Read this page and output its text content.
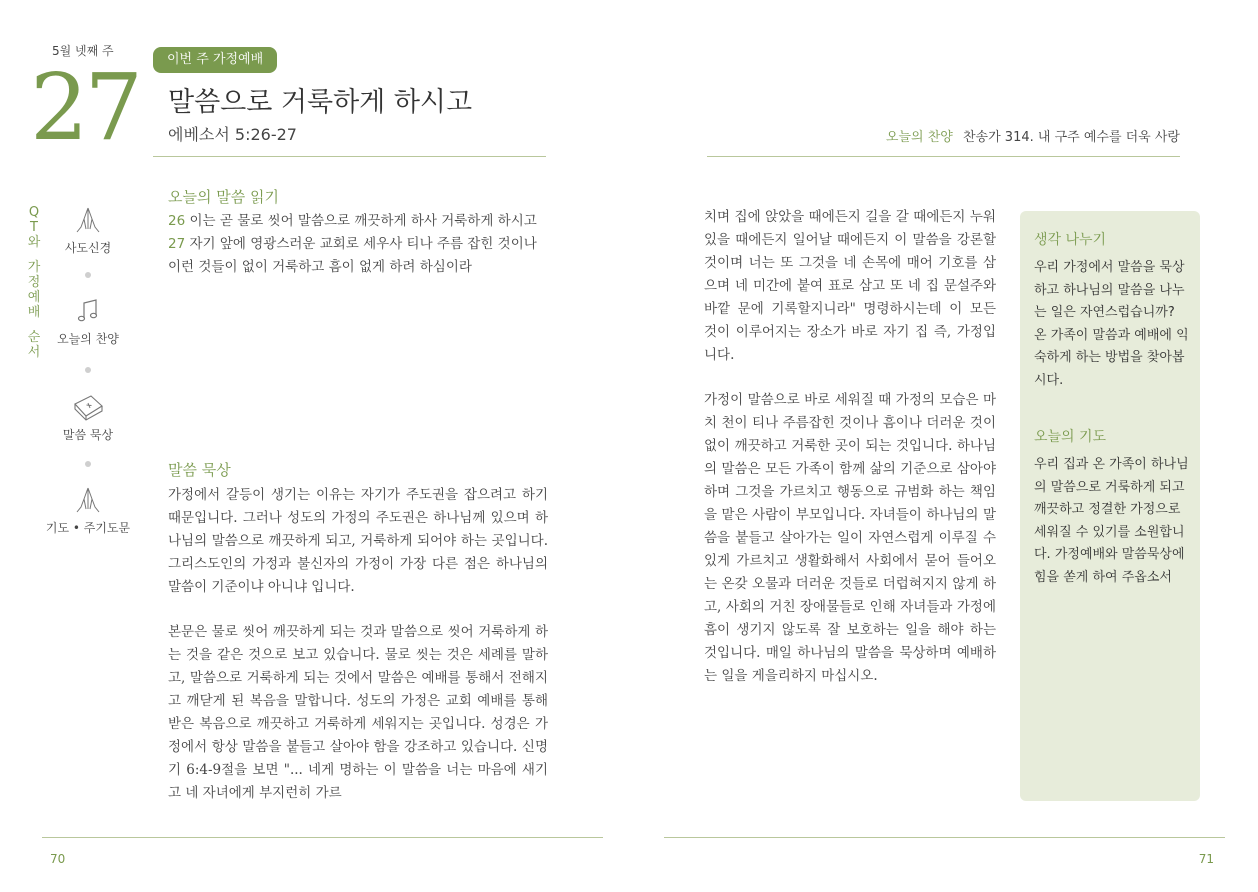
5월 넷째 주
27	이번 주 가정예배
말씀으로 거룩하게 하시고
에베소서 5:26-27	오늘의 찬양 찬송가 314. 내 구주 예수를 더욱 사랑
Q
T
와
가
정
예
배
순
서
사도신경
오늘의 찬양
말씀 묵상
기도 • 주기도문
오늘의 말씀 읽기
26 이는 곧 물로 씻어 말씀으로 깨끗하게 하사 거룩하게 하시고
27 자기 앞에 영광스러운 교회로 세우사 티나 주름 잡힌 것이나 이런 것들이 없이 거룩하고 흠이 없게 하려 하심이라
말씀 묵상

가정에서 갈등이 생기는 이유는 자기가 주도권을 잡으려고 하기 때문입니다. 그러나 성도의 가정의 주도권은 하나님께 있으며 하나님의 말씀으로 깨끗하게 되고, 거룩하게 되어야 하는 곳입니다. 그리스도인의 가정과 불신자의 가정이 가장 다른 점은 하나님의 말씀이 기준이냐 아니냐 입니다.

본문은 물로 씻어 깨끗하게 되는 것과 말씀으로 씻어 거룩하게 하는 것을 같은 것으로 보고 있습니다. 물로 씻는 것은 세례를 말하고, 말씀으로 거룩하게 되는 것에서 말씀은 예배를 통해서 전해지고 깨닫게 된 복음을 말합니다. 성도의 가정은 교회 예배를 통해 받은 복음으로 깨끗하고 거룩하게 세워지는 곳입니다. 성경은 가정에서 항상 말씀을 붙들고 살아야 함을 강조하고 있습니다. 신명기 6:4-9절을 보면 "... 네게 명하는 이 말씀을 너는 마음에 새기고 네 자녀에게 부지런히 가르

치며 집에 앉았을 때에든지 길을 갈 때에든지 누워 있을 때에든지 일어날 때에든지 이 말씀을 강론할 것이며 너는 또 그것을 네 손목에 매어 기호를 삼으며 네 미간에 붙여 표로 삼고 또 네 집 문설주와 바깥 문에 기록할지니라" 명령하시는데 이 모든 것이 이루어지는 장소가 바로 자기 집 즉, 가정입니다.

가정이 말씀으로 바로 세워질 때 가정의 모습은 마치 천이 티나 주름잡힌 것이나 흠이나 더러운 것이 없이 깨끗하고 거룩한 곳이 되는 것입니다. 하나님의 말씀은 모든 가족이 함께 삶의 기준으로 삼아야 하며 그것을 가르치고 행동으로 규범화 하는 책임을 맡은 사람이 부모입니다. 자녀들이 하나님의 말씀을 붙들고 살아가는 일이 자연스럽게 이루질 수 있게 가르치고 생활화해서 사회에서 묻어 들어오는 온갖 오물과 더러운 것들로 더럽혀지지 않게 하고, 사회의 거친 장애물들로 인해 자녀들과 가정에 흠이 생기지 않도록 잘 보호하는 일을 해야 하는 것입니다. 매일 하나님의 말씀을 묵상하며 예배하는 일을 게을리하지 마십시오.

생각 나누기

우리 가정에서 말씀을 묵상하고 하나님의 말씀을 나누는 일은 자연스럽습니까? 온 가족이 말씀과 예배에 익숙하게 하는 방법을 찾아봅시다.

오늘의 기도

우리 집과 온 가족이 하나님의 말씀으로 거룩하게 되고 깨끗하고 정결한 가정으로 세워질 수 있기를 소원합니다. 가정예배와 말씀묵상에 힘을 쏟게 하여 주옵소서

70	71
